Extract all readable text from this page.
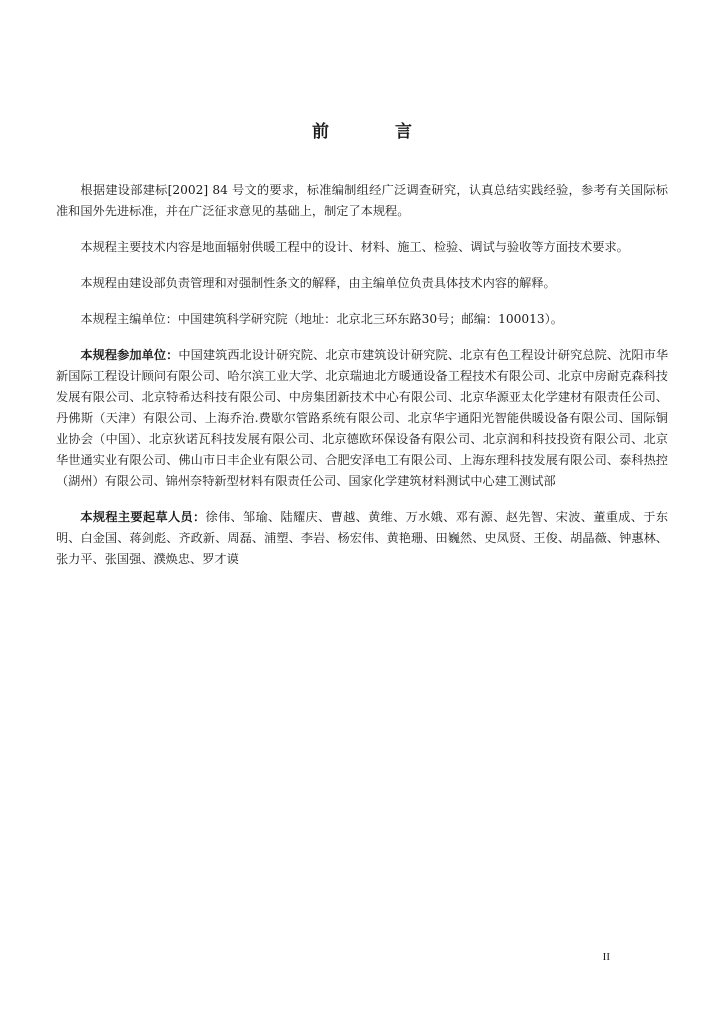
前 言

根据建设部建标[2002] 84 号文的要求，标准编制组经广泛调查研究，认真总结实践经验，参考有关国际标准和国外先进标准，并在广泛征求意见的基础上，制定了本规程。

本规程主要技术内容是地面辐射供暖工程中的设计、材料、施工、检验、调试与验收等方面技术要求。

本规程由建设部负责管理和对强制性条文的解释，由主编单位负责具体技术内容的解释。

本规程主编单位：中国建筑科学研究院（地址：北京北三环东路30号；邮编：100013）。

本规程参加单位：中国建筑西北设计研究院、北京市建筑设计研究院、北京有色工程设计研究总院、沈阳市华新国际工程设计顾问有限公司、哈尔滨工业大学、北京瑞迪北方暖通设备工程技术有限公司、北京中房耐克森科技发展有限公司、北京特希达科技有限公司、中房集团新技术中心有限公司、北京华源亚太化学建材有限责任公司、丹佛斯（天津）有限公司、上海乔治.费歇尔管路系统有限公司、北京华宇通阳光智能供暖设备有限公司、国际铜业协会（中国）、北京狄诺瓦科技发展有限公司、北京德欧环保设备有限公司、北京润和科技投资有限公司、北京华世通实业有限公司、佛山市日丰企业有限公司、合肥安泽电工有限公司、上海东理科技发展有限公司、泰科热控（湖州）有限公司、锦州奈特新型材料有限责任公司、国家化学建筑材料测试中心建工测试部

本规程主要起草人员：徐伟、邹瑜、陆耀庆、曹越、黄维、万水娥、邓有源、赵先智、宋波、董重成、于东明、白金国、蒋剑彪、齐政新、周磊、浦塑、李岩、杨宏伟、黄艳珊、田巍然、史凤贤、王俊、胡晶薇、钟惠林、张力平、张国强、濮焕忠、罗才谟

II
